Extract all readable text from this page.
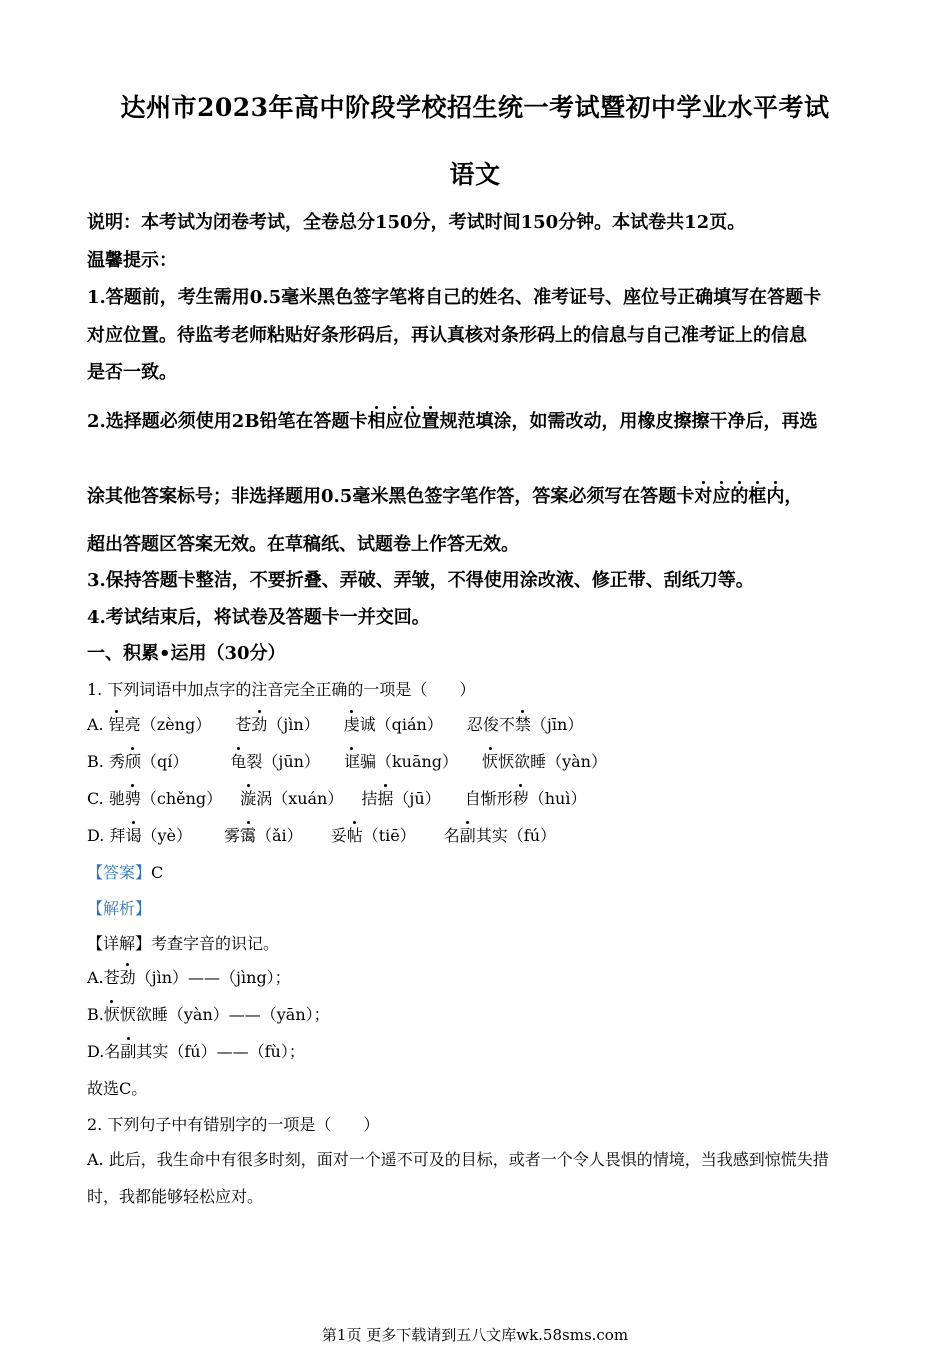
达州市2023年高中阶段学校招生统一考试暨初中学业水平考试
语文
说明：本考试为闭卷考试，全卷总分150分，考试时间150分钟。本试卷共12页。
温馨提示：
1.答题前，考生需用0.5毫米黑色签字笔将自己的姓名、准考证号、座位号正确填写在答题卡
对应位置。待监考老师粘贴好条形码后，再认真核对条形码上的信息与自己准考证上的信息
是否一致。
2.选择题必须使用2B铅笔在答题卡相应位置规范填涂，如需改动，用橡皮擦擦干净后，再选
涂其他答案标号；非选择题用0.5毫米黑色签字笔作答，答案必须写在答题卡对应的框内，
超出答题区答案无效。在草稿纸、试题卷上作答无效。
3.保持答题卡整洁，不要折叠、弄破、弄皱，不得使用涂改液、修正带、刮纸刀等。
4.考试结束后，将试卷及答题卡一并交回。
一、积累•运用（30分）
1. 下列词语中加点字的注音完全正确的一项是（　　）
A. 锃亮（zèng） 苍劲（jìn） 虔诚（qián） 忍俊不禁（jīn）
B. 秀颀（qí）	龟裂（jūn） 诓骗（kuāng） 恹恹欲睡（yàn）
C. 驰骋（chěng） 漩涡（xuán） 拮据（jū） 自惭形秽（huì）
D. 拜谒（yè） 雾霭（ǎi） 妥帖（tiē） 名副其实（fú）
【答案】C
【解析】
【详解】考查字音的识记。
A.苍劲（jìn）——（jìng）；
B.恹恹欲睡（yàn）——（yān）；
D.名副其实（fú）——（fù）；
故选C。
2. 下列句子中有错别字的一项是（　　）
A. 此后，我生命中有很多时刻，面对一个遥不可及的目标，或者一个令人畏惧的情境，当我感到惊慌失措
时，我都能够轻松应对。
第1页 更多下载请到五八文库wk.58sms.com
